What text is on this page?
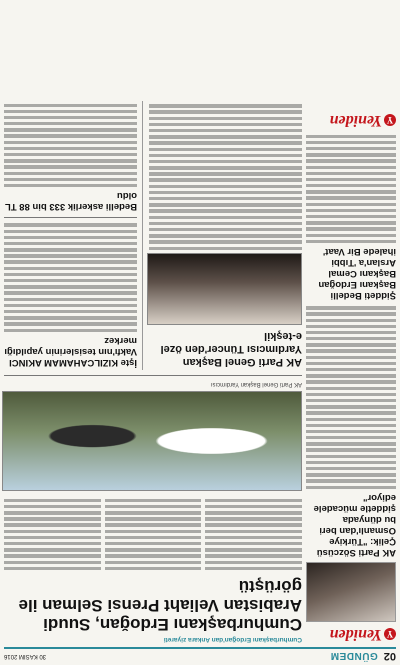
02
GÜNDEM
30 KASIM 2016
Y
Yeniden
AK Parti Sözcüsü Çelik: "Türkiye Osmanlı'dan beri bu dünyada şiddetle mücadele ediyor"
Şiddeti Bedelli Başkanı Erdoğan Başkanı Cemal Arslan'a 'Tıbbi ihalede Bir Vaat'
Y
Yeniden
Cumhurbaşkanı Erdoğan'dan Ankara ziyareti
Cumhurbaşkanı Erdoğan, Suudi Arabistan Veliaht Prensi Selman ile görüştü
AK Parti Genel Başkan Yardımcısı
AK Parti Genel Başkan Yardımcısı Tüncer'den özel e-teşkil
İşte KIZILCAHAMAM AKINCI Vakfı'nın tesislerinin yapıldığı merkez
Bedelli askerlik 333 bin 88 TL oldu
